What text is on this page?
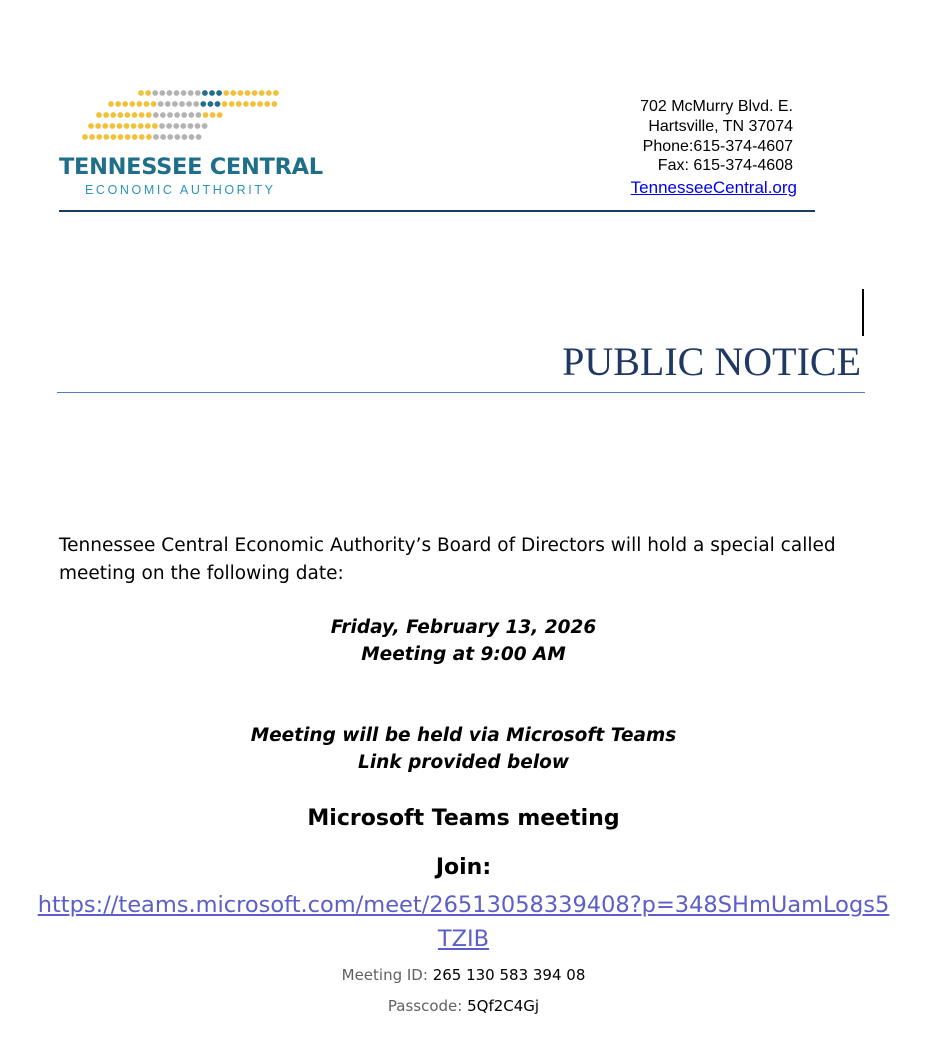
TENNESSEE CENTRAL
ECONOMIC AUTHORITY
702 McMurry Blvd. E.
Hartsville, TN 37074
Phone:615-374-4607
Fax: 615-374-4608
TennesseeCentral.org
PUBLIC NOTICE
Tennessee Central Economic Authority’s Board of Directors will hold a special called meeting on the following date:
Friday, February 13, 2026
Meeting at 9:00 AM
Meeting will be held via Microsoft Teams
Link provided below
Microsoft Teams meeting
Join:
https://teams.microsoft.com/meet/26513058339408?p=348SHmUamLogs5
TZIB
Meeting ID: 265 130 583 394 08
Passcode: 5Qf2C4Gj
